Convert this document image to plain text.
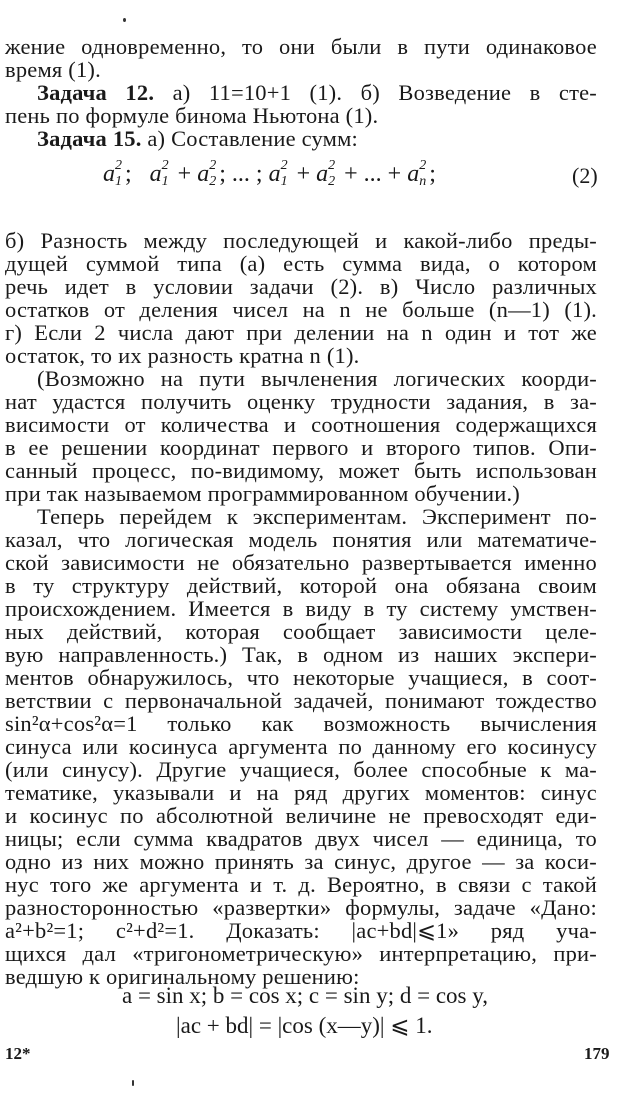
жение одновременно, то они были в пути одинаковое
время (1).
Задача 12. а) 11=10+1 (1). б) Возведение в сте-
пень по формуле бинома Ньютона (1).
Задача 15. а) Составление сумм:
a 2
1 ; a 2
1 + a 2
2 ; ... ; a 2
1 + a 2
2 + ... + a 2
n ;	(2)
б) Разность между последующей и какой-либо преды-
дущей суммой типа (а) есть сумма вида, о котором
речь идет в условии задачи (2). в) Число различных
остатков от деления чисел на n не больше (n—1) (1).
г) Если 2 числа дают при делении на n один и тот же
остаток, то их разность кратна n (1).
(Возможно на пути вычленения логических коорди-
нат удастся получить оценку трудности задания, в за-
висимости от количества и соотношения содержащихся
в ее решении координат первого и второго типов. Опи-
санный процесс, по-видимому, может быть использован
при так называемом программированном обучении.)
Теперь перейдем к экспериментам. Эксперимент по-
казал, что логическая модель понятия или математиче-
ской зависимости не обязательно развертывается именно
в ту структуру действий, которой она обязана своим
происхождением. Имеется в виду в ту систему умствен-
ных действий, которая сообщает зависимости целе-
вую направленность.) Так, в одном из наших экспери-
ментов обнаружилось, что некоторые учащиеся, в соот-
ветствии с первоначальной задачей, понимают тождество
sin²α+cos²α=1 только как возможность вычисления
синуса или косинуса аргумента по данному его косинусу
(или синусу). Другие учащиеся, более способные к ма-
тематике, указывали и на ряд других моментов: синус
и косинус по абсолютной величине не превосходят еди-
ницы; если сумма квадратов двух чисел — единица, то
одно из них можно принять за синус, другое — за коси-
нус того же аргумента и т. д. Вероятно, в связи с такой
разносторонностью «развертки» формулы, задаче «Дано:
a²+b²=1; c²+d²=1. Доказать: |ac+bd|⩽1» ряд уча-
щихся дал «тригонометрическую» интерпретацию, при-
ведшую к оригинальному решению:
a = sin x; b = cos x; c = sin y; d = cos y,
|ac + bd| = |cos (x—y)| ⩽ 1.
12*	179
